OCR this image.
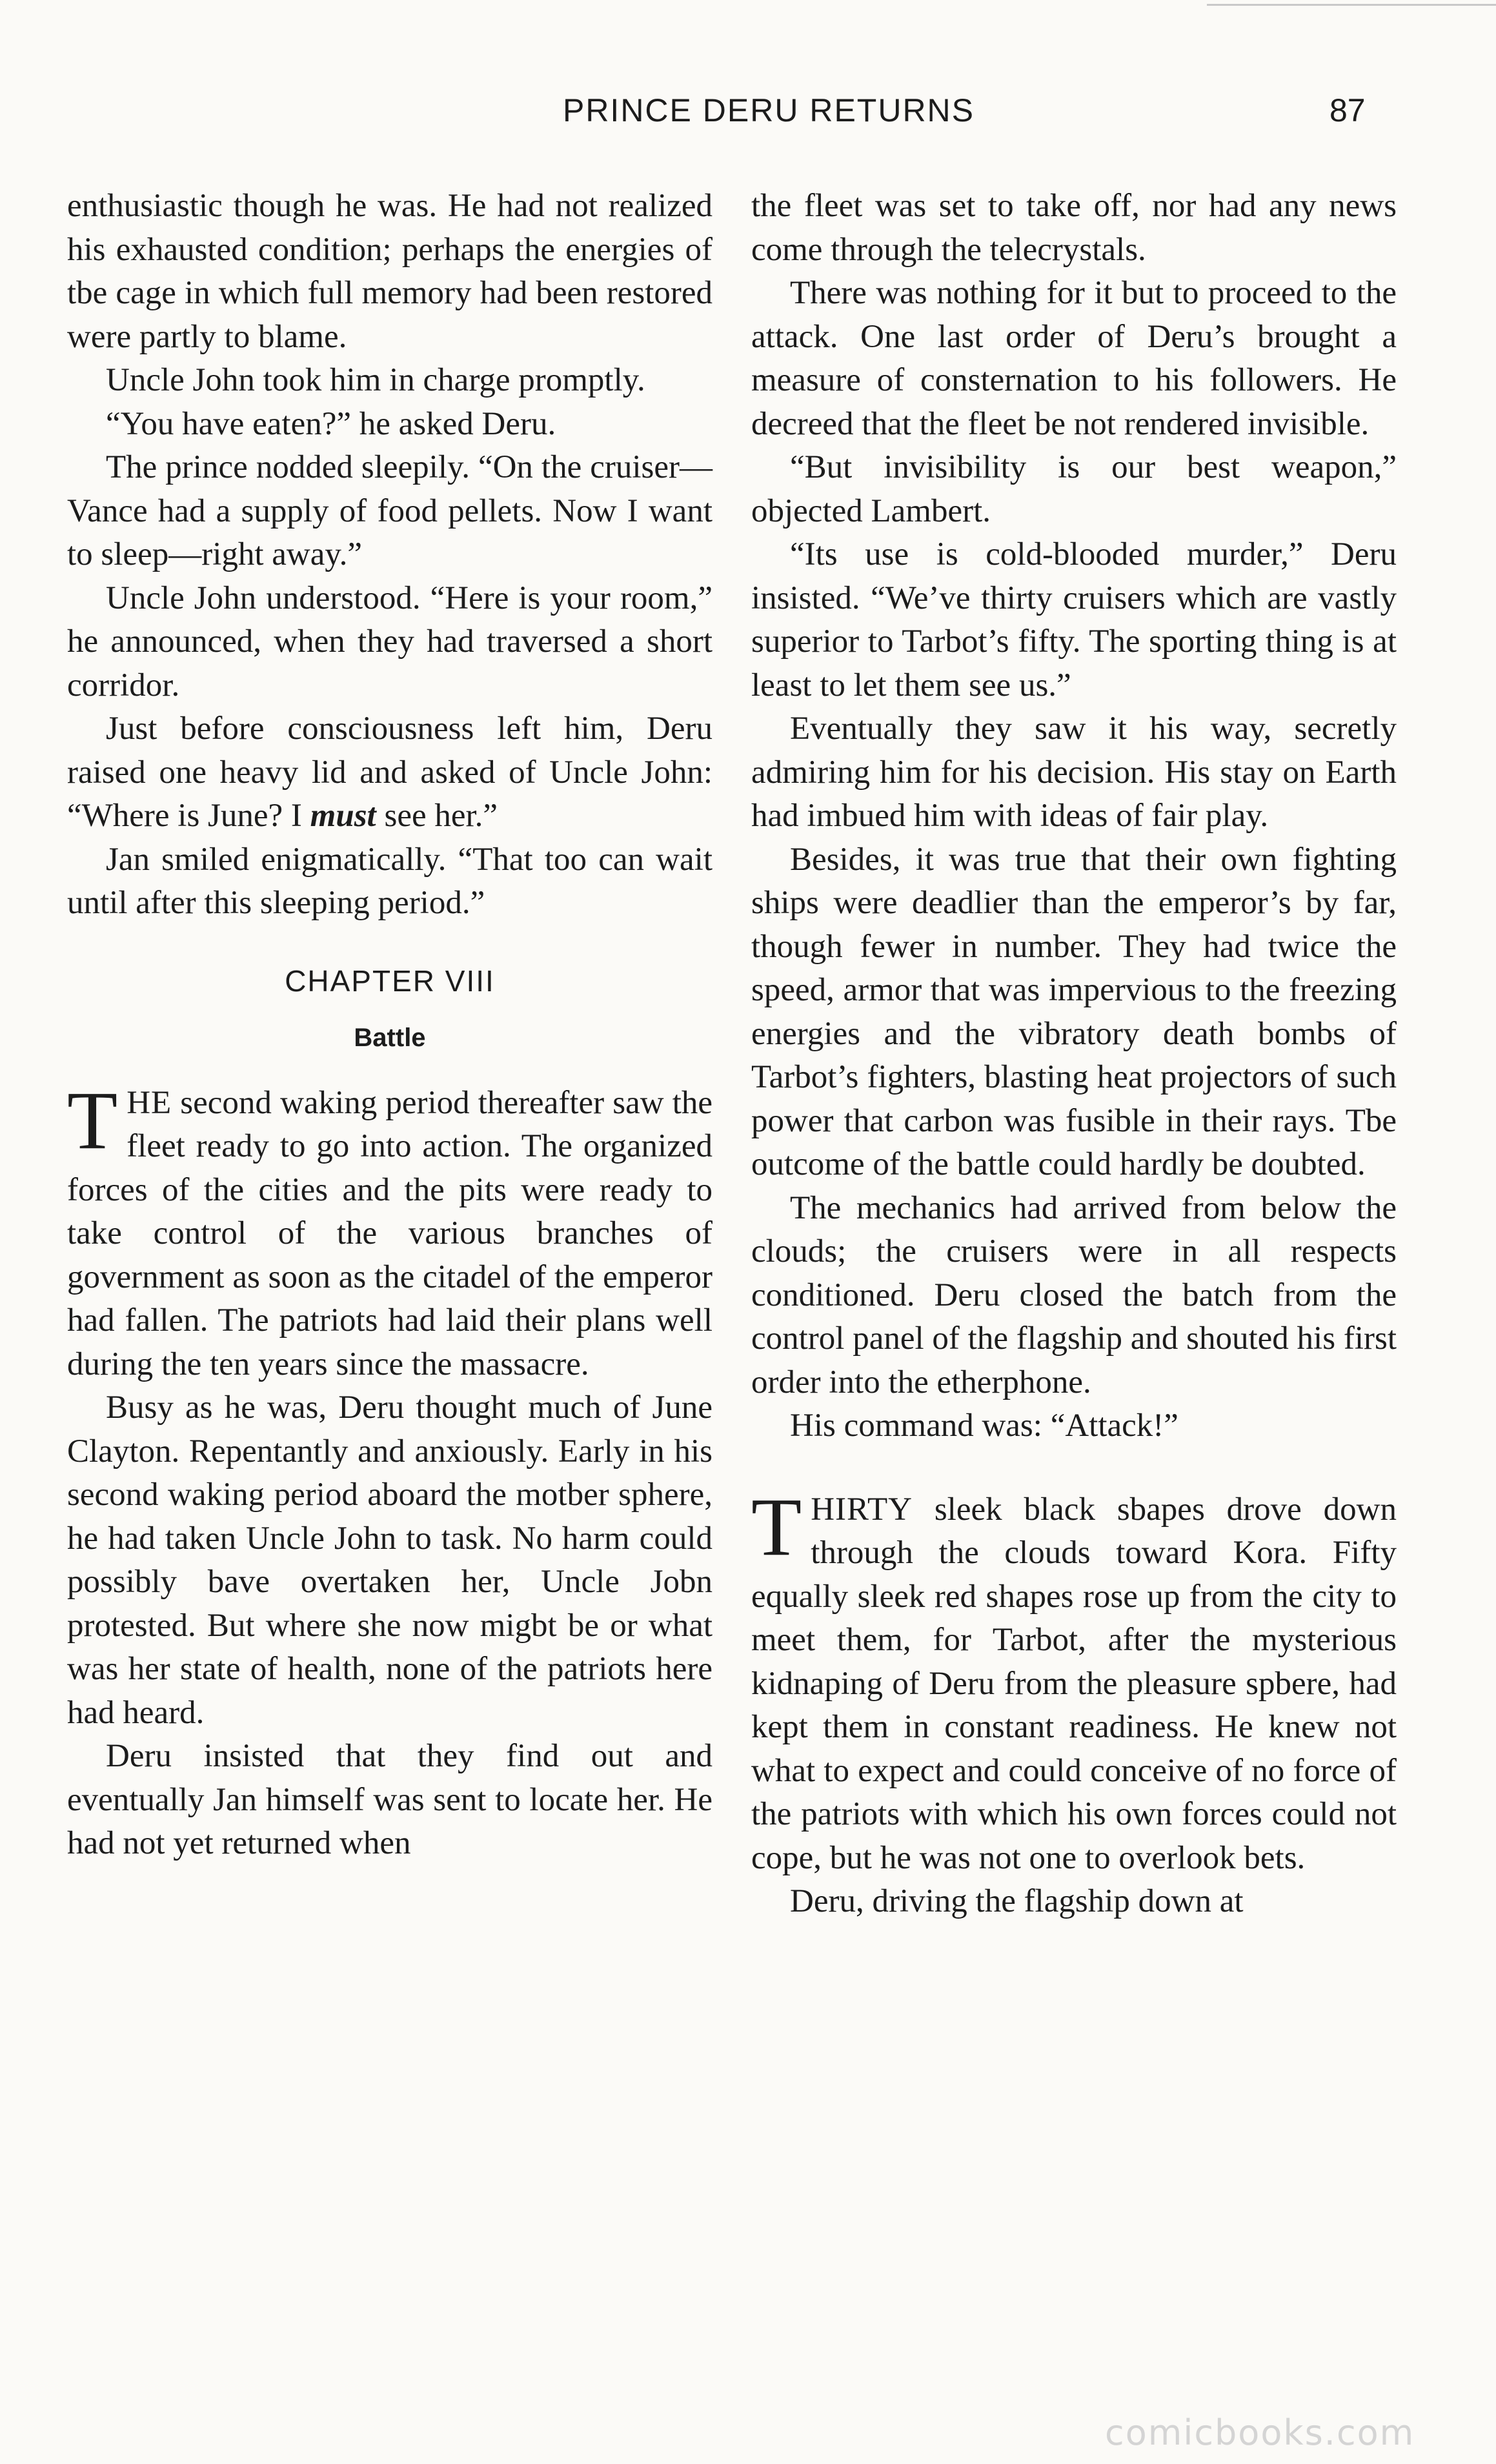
PRINCE DERU RETURNS	87

enthusiastic though he was. He had not realized his exhausted condition; perhaps the energies of tbe cage in which full memory had been restored were partly to blame.

Uncle John took him in charge promptly.

“You have eaten?” he asked Deru.

The prince nodded sleepily. “On the cruiser—Vance had a supply of food pellets. Now I want to sleep—right away.”

Uncle John understood. “Here is your room,” he announced, when they had traversed a short corridor.

Just before consciousness left him, Deru raised one heavy lid and asked of Uncle John: “Where is June? I must see her.”

Jan smiled enigmatically. “That too can wait until after this sleeping period.”

CHAPTER VIII
Battle

THE second waking period thereafter saw the fleet ready to go into action. The organized forces of the cities and the pits were ready to take control of the various branches of government as soon as the citadel of the emperor had fallen. The patriots had laid their plans well during the ten years since the massacre.

Busy as he was, Deru thought much of June Clayton. Repentantly and anxiously. Early in his second waking period aboard the motber sphere, he had taken Uncle John to task. No harm could possibly bave overtaken her, Uncle Jobn protested. But where she now migbt be or what was her state of health, none of the patriots here had heard.

Deru insisted that they find out and eventually Jan himself was sent to locate her. He had not yet returned when

the fleet was set to take off, nor had any news come through the telecrystals.

There was nothing for it but to proceed to the attack. One last order of Deru’s brought a measure of consternation to his followers. He decreed that the fleet be not rendered invisible.

“But invisibility is our best weapon,” objected Lambert.

“Its use is cold-blooded murder,” Deru insisted. “We’ve thirty cruisers which are vastly superior to Tarbot’s fifty. The sporting thing is at least to let them see us.”

Eventually they saw it his way, secretly admiring him for his decision. His stay on Earth had imbued him with ideas of fair play.

Besides, it was true that their own fighting ships were deadlier than the emperor’s by far, though fewer in number. They had twice the speed, armor that was impervious to the freezing energies and the vibratory death bombs of Tarbot’s fighters, blasting heat projectors of such power that carbon was fusible in their rays. Tbe outcome of the battle could hardly be doubted.

The mechanics had arrived from below the clouds; the cruisers were in all respects conditioned. Deru closed the batch from the control panel of the flagship and shouted his first order into the etherphone.

His command was: “Attack!”

THIRTY sleek black sbapes drove down through the clouds toward Kora. Fifty equally sleek red shapes rose up from the city to meet them, for Tarbot, after the mysterious kidnaping of Deru from the pleasure spbere, had kept them in constant readiness. He knew not what to expect and could conceive of no force of the patriots with which his own forces could not cope, but he was not one to overlook bets.

Deru, driving the flagship down at

comicbooks.com
